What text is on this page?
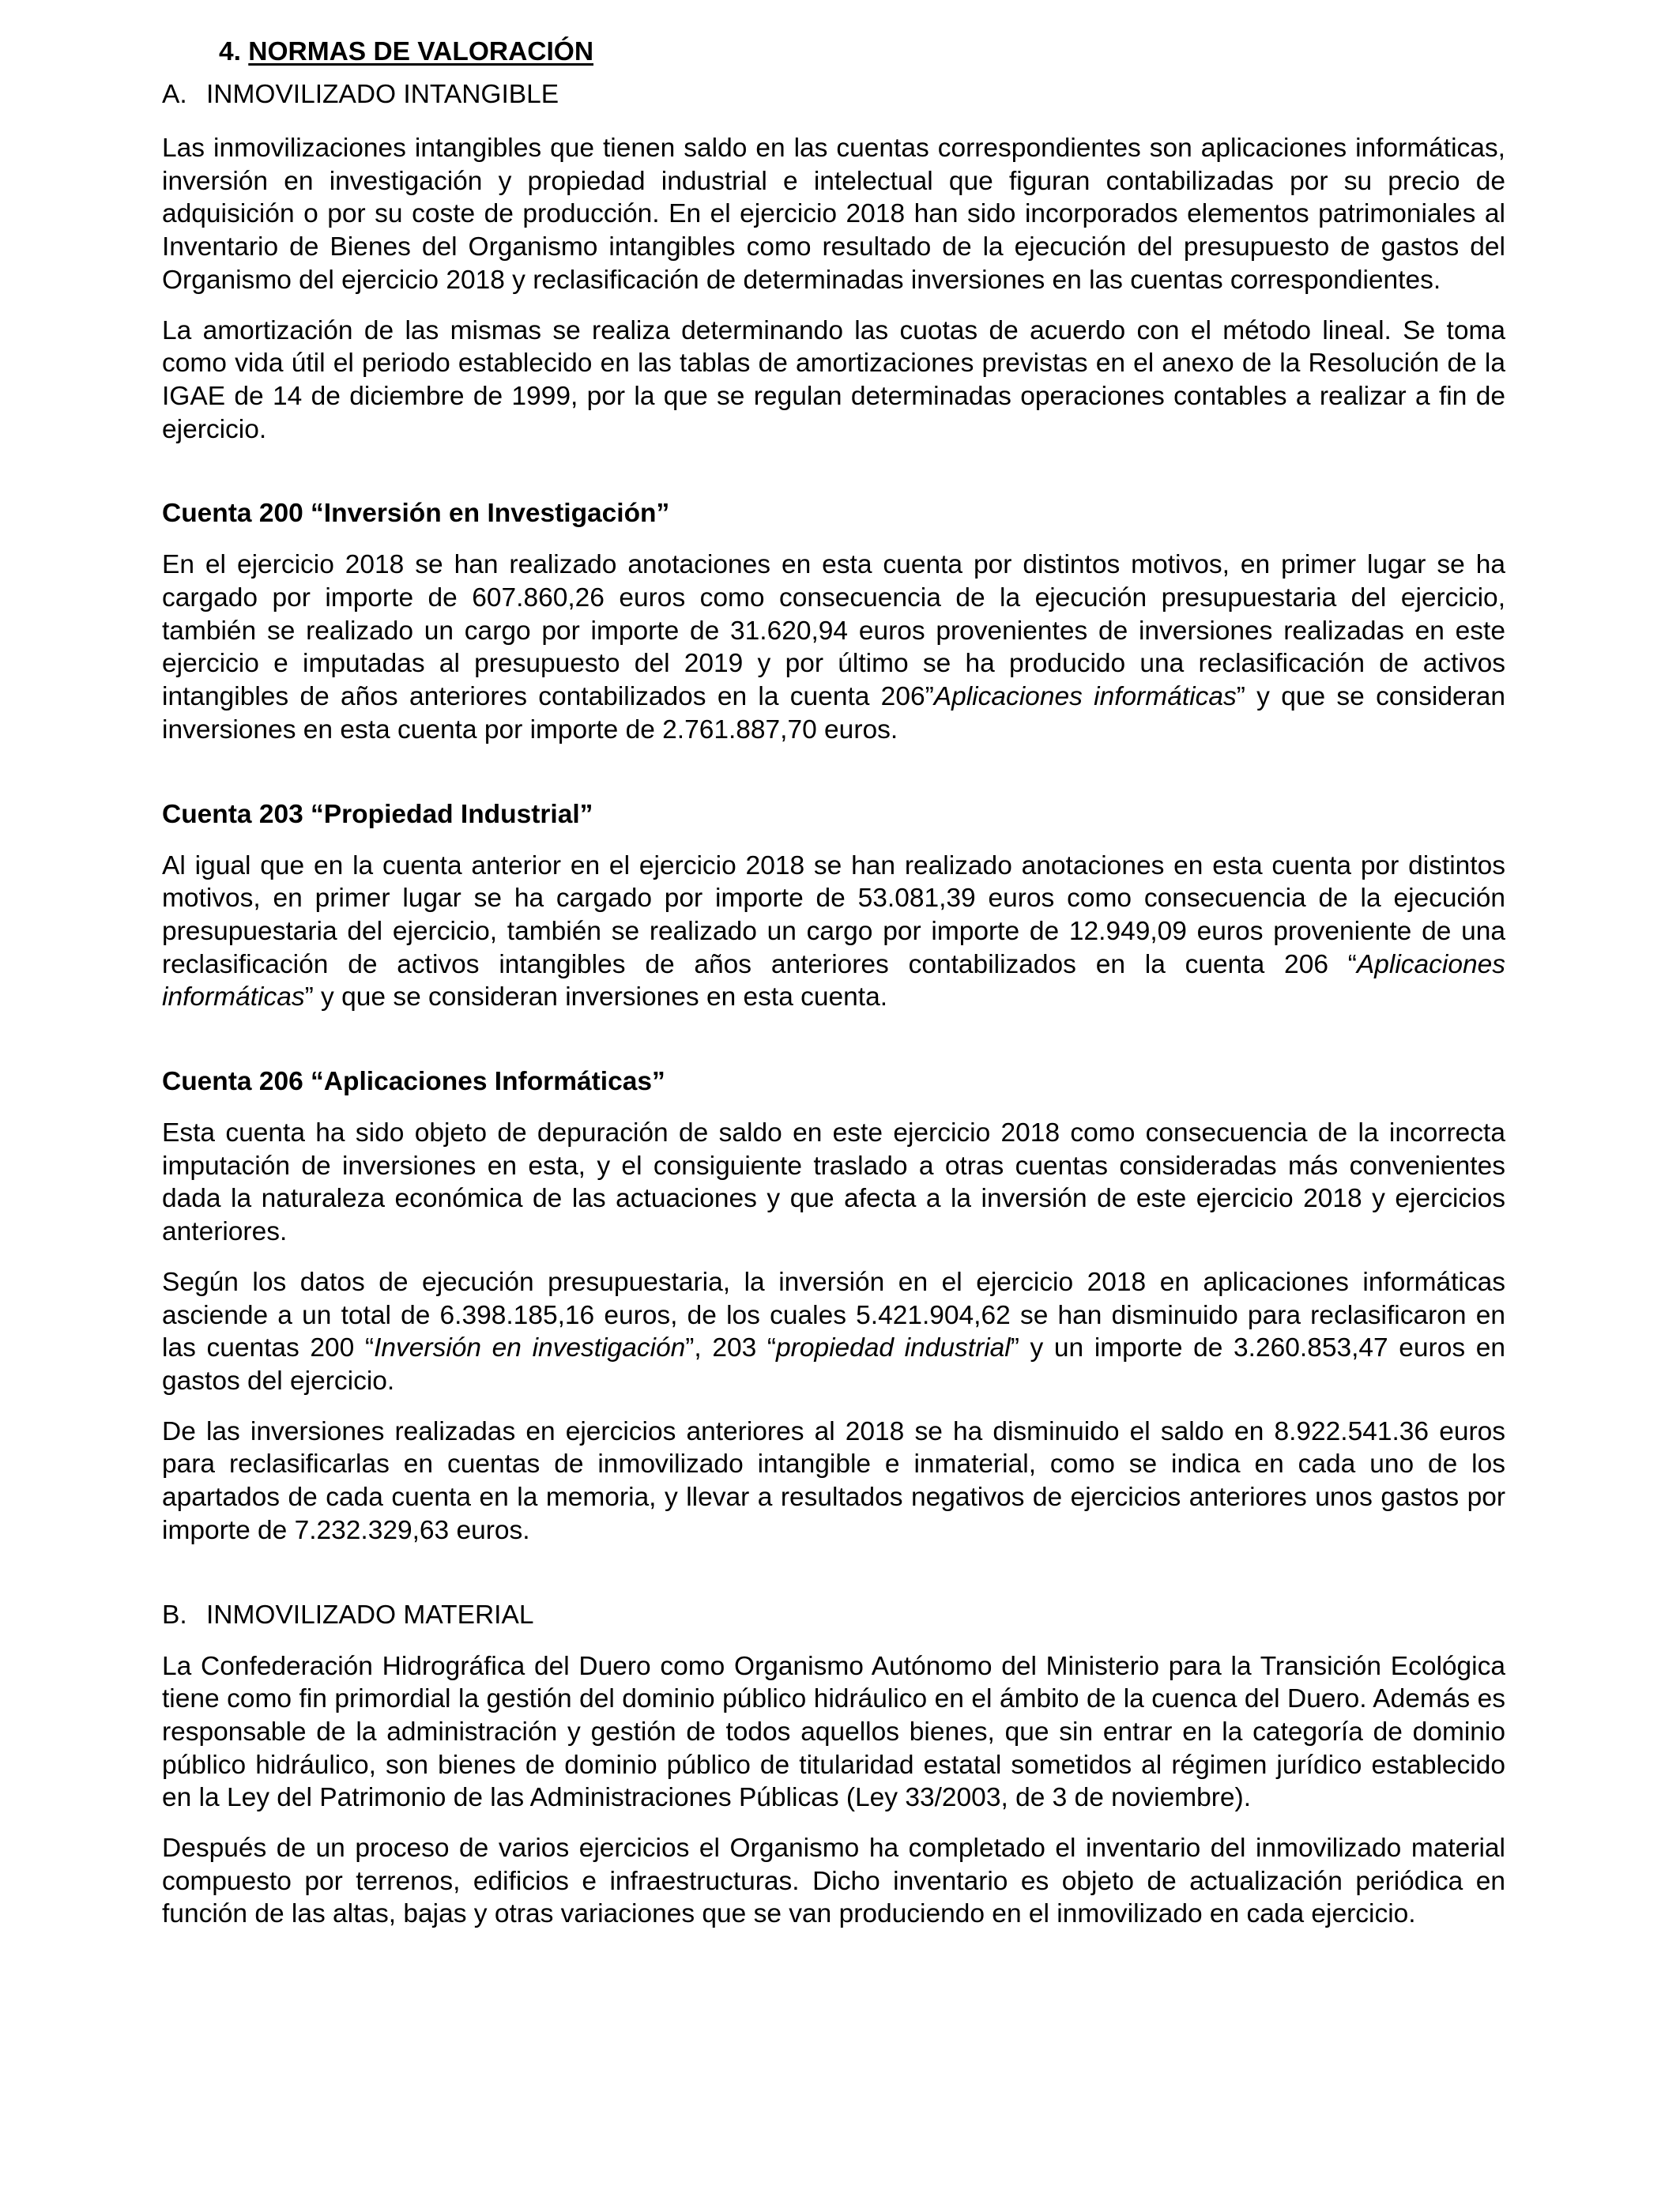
4. NORMAS DE VALORACIÓN
A. INMOVILIZADO INTANGIBLE

Las inmovilizaciones intangibles que tienen saldo en las cuentas correspondientes son aplicaciones informáticas, inversión en investigación y propiedad industrial e intelectual que figuran contabilizadas por su precio de adquisición o por su coste de producción. En el ejercicio 2018 han sido incorporados elementos patrimoniales al Inventario de Bienes del Organismo intangibles como resultado de la ejecución del presupuesto de gastos del Organismo del ejercicio 2018 y reclasificación de determinadas inversiones en las cuentas correspondientes.

La amortización de las mismas se realiza determinando las cuotas de acuerdo con el método lineal. Se toma como vida útil el periodo establecido en las tablas de amortizaciones previstas en el anexo de la Resolución de la IGAE de 14 de diciembre de 1999, por la que se regulan determinadas operaciones contables a realizar a fin de ejercicio.

Cuenta 200 “Inversión en Investigación”

En el ejercicio 2018 se han realizado anotaciones en esta cuenta por distintos motivos, en primer lugar se ha cargado por importe de 607.860,26 euros como consecuencia de la ejecución presupuestaria del ejercicio, también se realizado un cargo por importe de 31.620,94 euros provenientes de inversiones realizadas en este ejercicio e imputadas al presupuesto del 2019 y por último se ha producido una reclasificación de activos intangibles de años anteriores contabilizados en la cuenta 206”Aplicaciones informáticas” y que se consideran inversiones en esta cuenta por importe de 2.761.887,70 euros.

Cuenta 203 “Propiedad Industrial”

Al igual que en la cuenta anterior en el ejercicio 2018 se han realizado anotaciones en esta cuenta por distintos motivos, en primer lugar se ha cargado por importe de 53.081,39 euros como consecuencia de la ejecución presupuestaria del ejercicio, también se realizado un cargo por importe de 12.949,09 euros proveniente de una reclasificación de activos intangibles de años anteriores contabilizados en la cuenta 206 “Aplicaciones informáticas” y que se consideran inversiones en esta cuenta.

Cuenta 206 “Aplicaciones Informáticas”

Esta cuenta ha sido objeto de depuración de saldo en este ejercicio 2018 como consecuencia de la incorrecta imputación de inversiones en esta, y el consiguiente traslado a otras cuentas consideradas más convenientes dada la naturaleza económica de las actuaciones y que afecta a la inversión de este ejercicio 2018 y ejercicios anteriores.

Según los datos de ejecución presupuestaria, la inversión en el ejercicio 2018 en aplicaciones informáticas asciende a un total de 6.398.185,16 euros, de los cuales 5.421.904,62 se han disminuido para reclasificaron en las cuentas 200 “Inversión en investigación”, 203 “propiedad industrial” y un importe de 3.260.853,47 euros en gastos del ejercicio.

De las inversiones realizadas en ejercicios anteriores al 2018 se ha disminuido el saldo en 8.922.541.36 euros para reclasificarlas en cuentas de inmovilizado intangible e inmaterial, como se indica en cada uno de los apartados de cada cuenta en la memoria, y llevar a resultados negativos de ejercicios anteriores unos gastos por importe de 7.232.329,63 euros.

B. INMOVILIZADO MATERIAL

La Confederación Hidrográfica del Duero como Organismo Autónomo del Ministerio para la Transición Ecológica tiene como fin primordial la gestión del dominio público hidráulico en el ámbito de la cuenca del Duero. Además es responsable de la administración y gestión de todos aquellos bienes, que sin entrar en la categoría de dominio público hidráulico, son bienes de dominio público de titularidad estatal sometidos al régimen jurídico establecido en la Ley del Patrimonio de las Administraciones Públicas (Ley 33/2003, de 3 de noviembre).

Después de un proceso de varios ejercicios el Organismo ha completado el inventario del inmovilizado material compuesto por terrenos, edificios e infraestructuras. Dicho inventario es objeto de actualización periódica en función de las altas, bajas y otras variaciones que se van produciendo en el inmovilizado en cada ejercicio.
